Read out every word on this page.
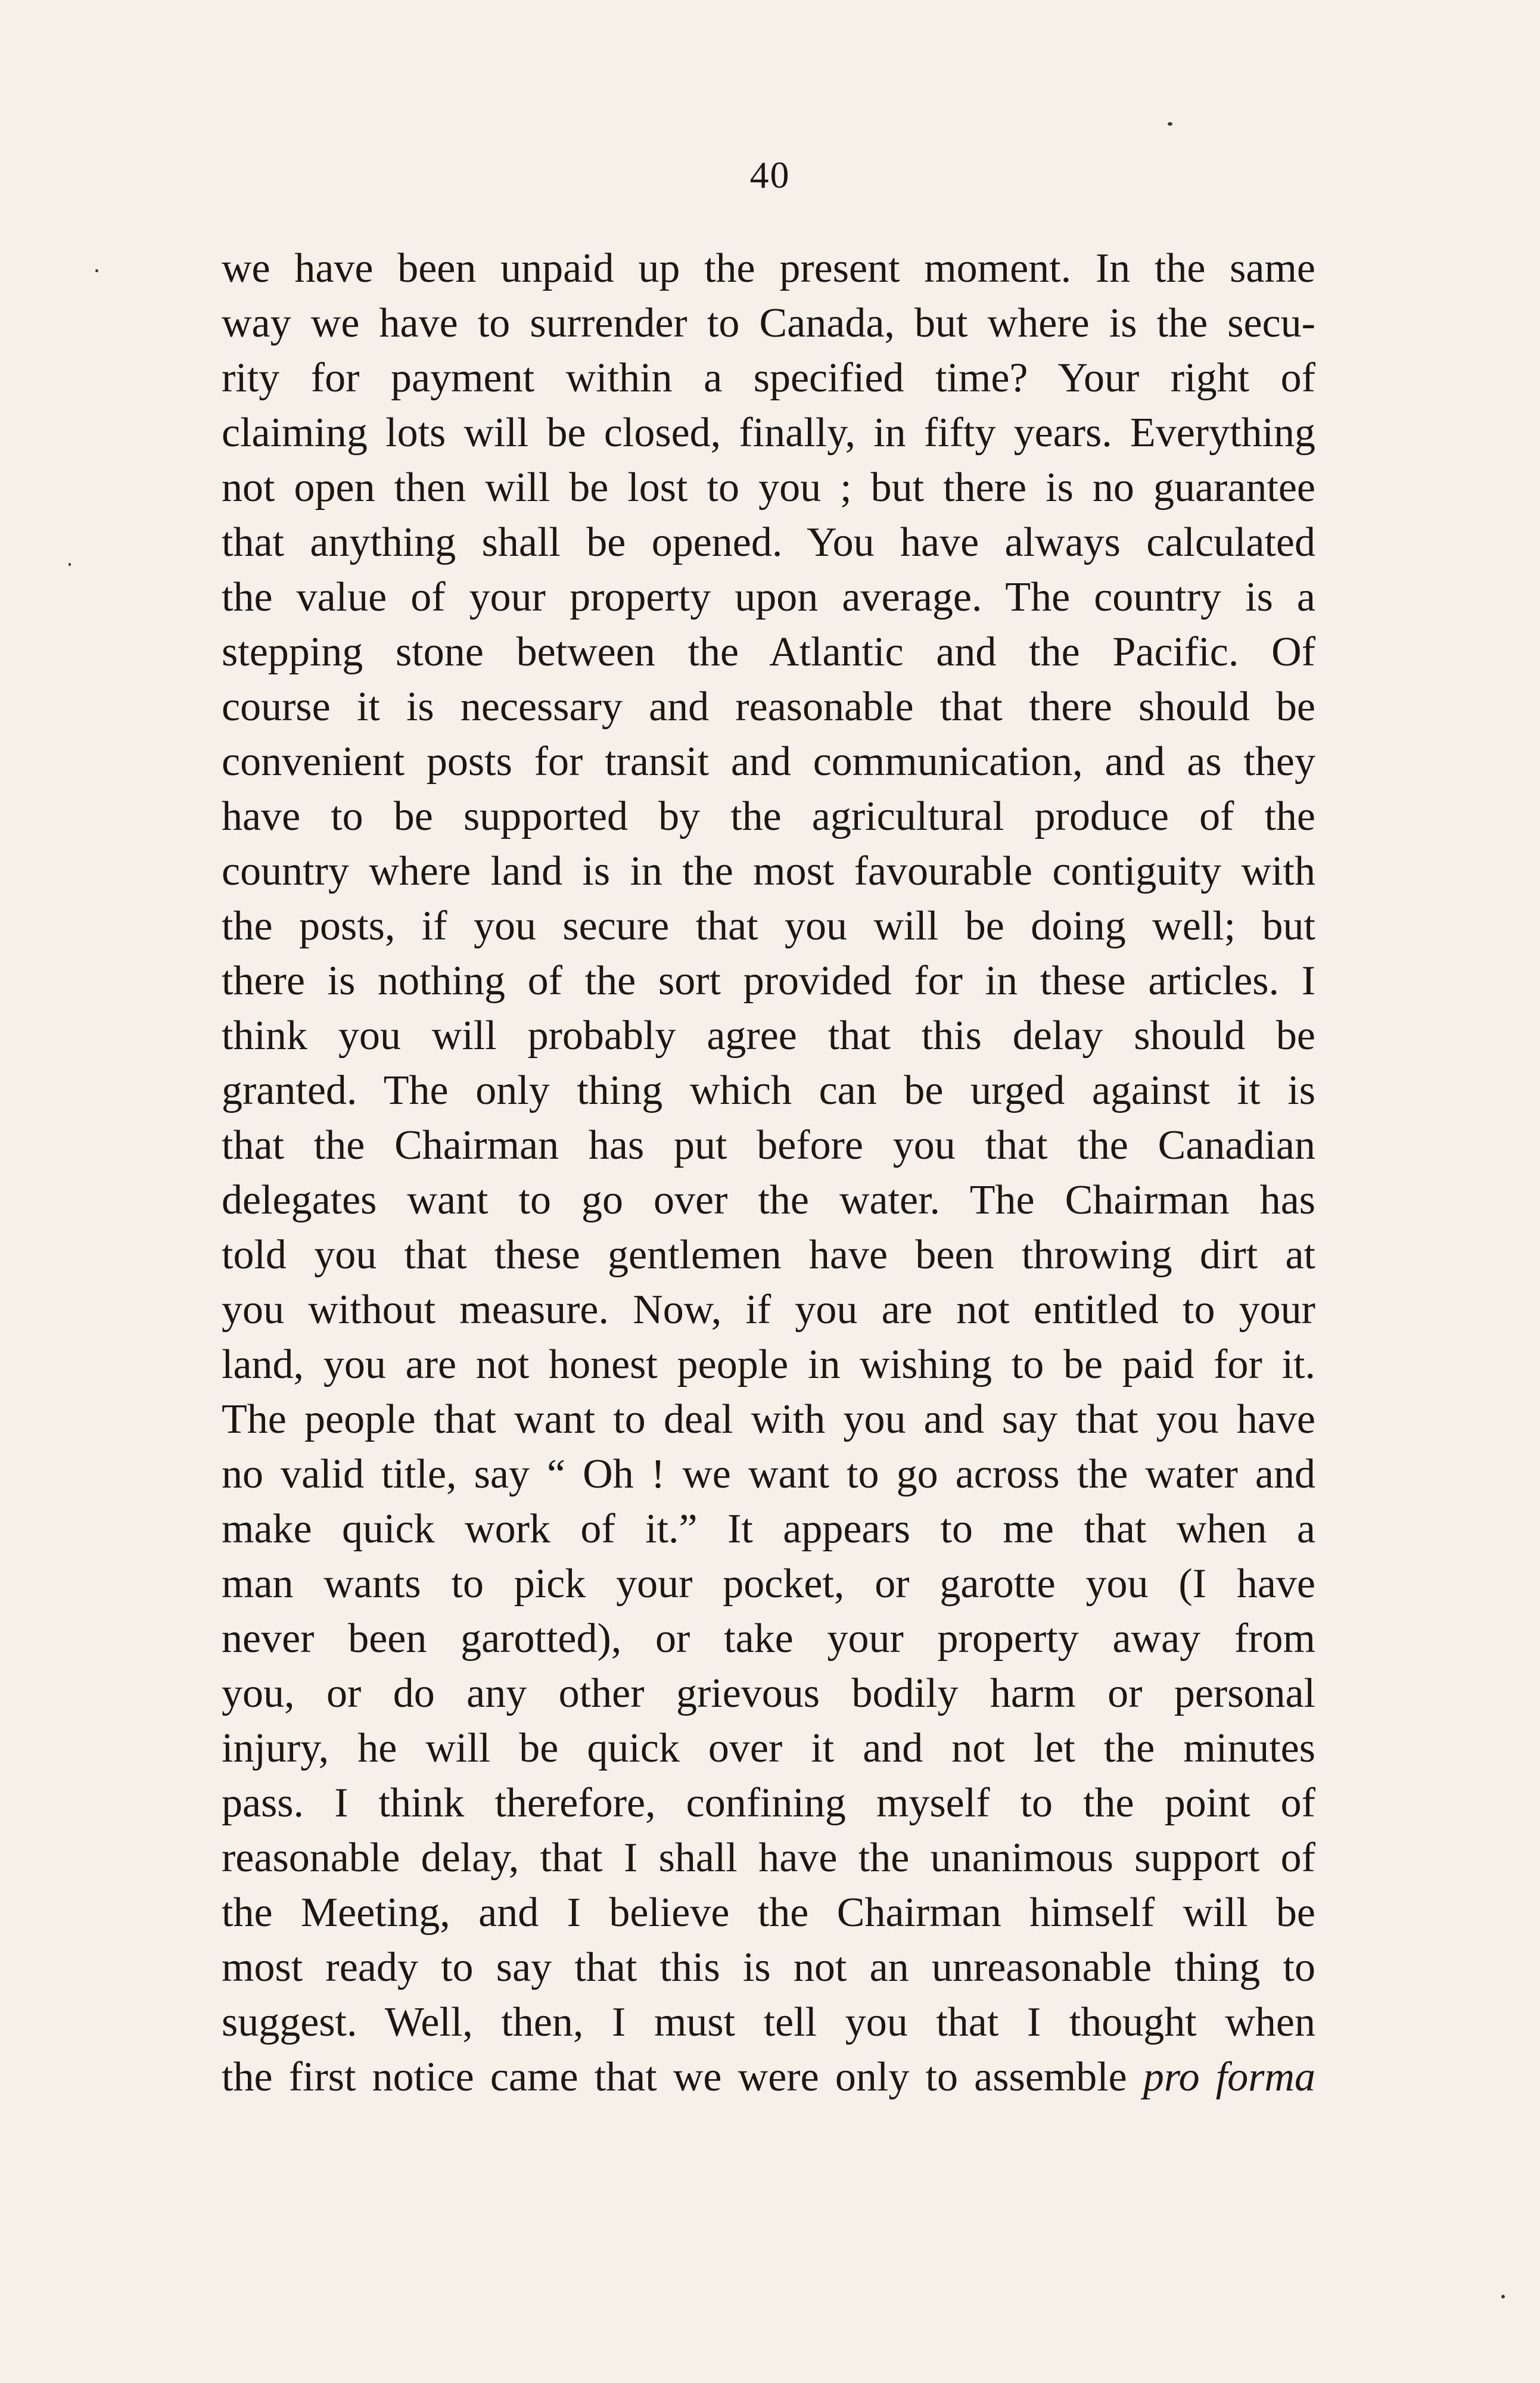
40
we have been unpaid up the present moment. In the same
way we have to surrender to Canada, but where is the secu-
rity for payment within a specified time? Your right of
claiming lots will be closed, finally, in fifty years. Everything
not open then will be lost to you ; but there is no guarantee
that anything shall be opened. You have always calculated
the value of your property upon average. The country is a
stepping stone between the Atlantic and the Pacific. Of
course it is necessary and reasonable that there should be
convenient posts for transit and communication, and as they
have to be supported by the agricultural produce of the
country where land is in the most favourable contiguity with
the posts, if you secure that you will be doing well; but
there is nothing of the sort provided for in these articles. I
think you will probably agree that this delay should be
granted. The only thing which can be urged against it is
that the Chairman has put before you that the Canadian
delegates want to go over the water. The Chairman has
told you that these gentlemen have been throwing dirt at
you without measure. Now, if you are not entitled to your
land, you are not honest people in wishing to be paid for it.
The people that want to deal with you and say that you have
no valid title, say “ Oh ! we want to go across the water and
make quick work of it.” It appears to me that when a
man wants to pick your pocket, or garotte you (I have
never been garotted), or take your property away from
you, or do any other grievous bodily harm or personal
injury, he will be quick over it and not let the minutes
pass. I think therefore, confining myself to the point of
reasonable delay, that I shall have the unanimous support of
the Meeting, and I believe the Chairman himself will be
most ready to say that this is not an unreasonable thing to
suggest. Well, then, I must tell you that I thought when
the first notice came that we were only to assemble pro forma
